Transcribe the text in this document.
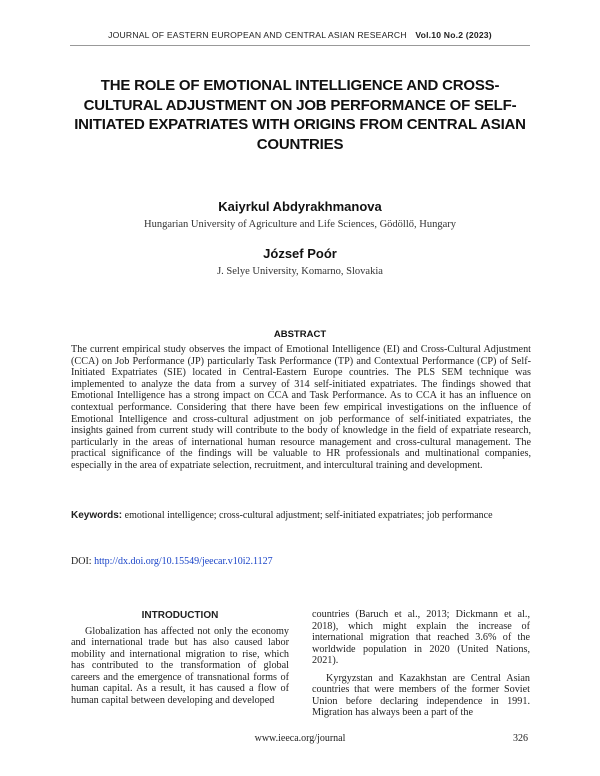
JOURNAL OF EASTERN EUROPEAN AND CENTRAL ASIAN RESEARCH Vol.10 No.2 (2023)
THE ROLE OF EMOTIONAL INTELLIGENCE AND CROSS-CULTURAL ADJUSTMENT ON JOB PERFORMANCE OF SELF-INITIATED EXPATRIATES WITH ORIGINS FROM CENTRAL ASIAN COUNTRIES
Kaiyrkul Abdyrakhmanova
Hungarian University of Agriculture and Life Sciences, Gödöllő, Hungary
József Poór
J. Selye University, Komarno, Slovakia
ABSTRACT
The current empirical study observes the impact of Emotional Intelligence (EI) and Cross-Cultural Adjustment (CCA) on Job Performance (JP) particularly Task Performance (TP) and Contextual Performance (CP) of Self-Initiated Expatriates (SIE) located in Central-Eastern Europe countries. The PLS SEM technique was implemented to analyze the data from a survey of 314 self-initiated expatriates. The findings showed that Emotional Intelligence has a strong impact on CCA and Task Performance. As to CCA it has an influence on contextual performance. Considering that there have been few empirical investigations on the influence of Emotional Intelligence and cross-cultural adjustment on job performance of self-initiated expatriates, the insights gained from current study will contribute to the body of knowledge in the field of expatriate research, particularly in the areas of international human resource management and cross-cultural management. The practical significance of the findings will be valuable to HR professionals and multinational companies, especially in the area of expatriate selection, recruitment, and intercultural training and development.
Keywords: emotional intelligence; cross-cultural adjustment; self-initiated expatriates; job performance
DOI: http://dx.doi.org/10.15549/jeecar.v10i2.1127
INTRODUCTION

Globalization has affected not only the economy and international trade but has also caused labor mobility and international migration to rise, which has contributed to the transformation of global careers and the emergence of transnational forms of human capital. As a result, it has caused a flow of human capital between developing and developed

countries (Baruch et al., 2013; Dickmann et al., 2018), which might explain the increase of international migration that reached 3.6% of the worldwide population in 2020 (United Nations, 2021).

Kyrgyzstan and Kazakhstan are Central Asian countries that were members of the former Soviet Union before declaring independence in 1991. Migration has always been a part of the

www.ieeca.org/journal	326
